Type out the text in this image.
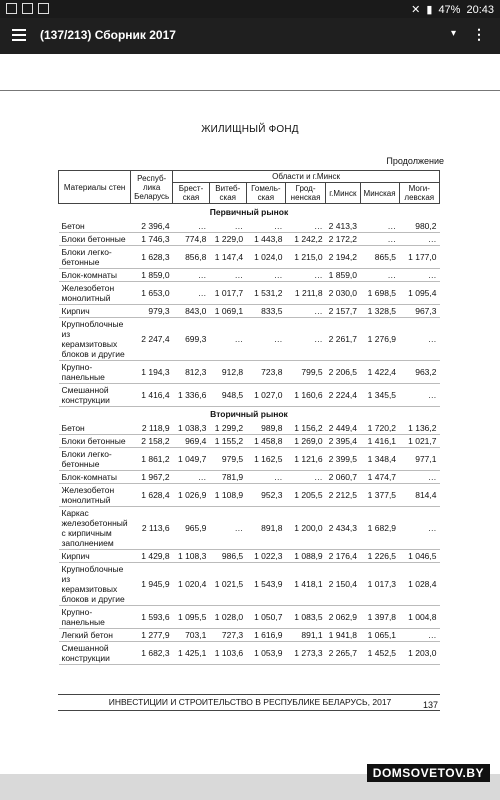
✕ ▮ 47% 20:43
(137/213) Сборник 2017	▾ ⋮
ЖИЛИЩНЫЙ ФОНД
Продолжение
Материалы стен	Респуб-лика Беларусь	Области и г.Минск						
		Брест-ская	Витеб-ская	Гомель-ская	Грод-ненская	г.Минск	Минская	Моги-левская
Первичный рынок								
Бетон	2 396,4	…	…	…	…	2 413,3	…	980,2
Блоки бетонные	1 746,3	774,8	1 229,0	1 443,8	1 242,2	2 172,2	…	…
Блоки легко-бетонные	1 628,3	856,8	1 147,4	1 024,0	1 215,0	2 194,2	865,5	1 177,0
Блок-комнаты	1 859,0	…	…	…	…	1 859,0	…	…
Железобетон монолитный	1 653,0	…	1 017,7	1 531,2	1 211,8	2 030,0	1 698,5	1 095,4
Кирпич	979,3	843,0	1 069,1	833,5	…	2 157,7	1 328,5	967,3
Крупноблочные из керамзитовых блоков и другие	2 247,4	699,3	…	…	…	2 261,7	1 276,9	…
Крупно-панельные	1 194,3	812,3	912,8	723,8	799,5	2 206,5	1 422,4	963,2
Смешанной конструкции	1 416,4	1 336,6	948,5	1 027,0	1 160,6	2 224,4	1 345,5	…
Вторичный рынок								
Бетон	2 118,9	1 038,3	1 299,2	989,8	1 156,2	2 449,4	1 720,2	1 136,2
Блоки бетонные	2 158,2	969,4	1 155,2	1 458,8	1 269,0	2 395,4	1 416,1	1 021,7
Блоки легко-бетонные	1 861,2	1 049,7	979,5	1 162,5	1 121,6	2 399,5	1 348,4	977,1
Блок-комнаты	1 967,2	…	781,9	…	…	2 060,7	1 474,7	…
Железобетон монолитный	1 628,4	1 026,9	1 108,9	952,3	1 205,5	2 212,5	1 377,5	814,4
Каркас железобетонный с кирпичным заполнением	2 113,6	965,9	…	891,8	1 200,0	2 434,3	1 682,9	…
Кирпич	1 429,8	1 108,3	986,5	1 022,3	1 088,9	2 176,4	1 226,5	1 046,5
Крупноблочные из керамзитовых блоков и другие	1 945,9	1 020,4	1 021,5	1 543,9	1 418,1	2 150,4	1 017,3	1 028,4
Крупно-панельные	1 593,6	1 095,5	1 028,0	1 050,7	1 083,5	2 062,9	1 397,8	1 004,8
Легкий бетон	1 277,9	703,1	727,3	1 616,9	891,1	1 941,8	1 065,1	…
Смешанной конструкции	1 682,3	1 425,1	1 103,6	1 053,9	1 273,3	2 265,7	1 452,5	1 203,0
ИНВЕСТИЦИИ И СТРОИТЕЛЬСТВО В РЕСПУБЛИКЕ БЕЛАРУСЬ, 2017	137
DOMSOVETOV.BY
